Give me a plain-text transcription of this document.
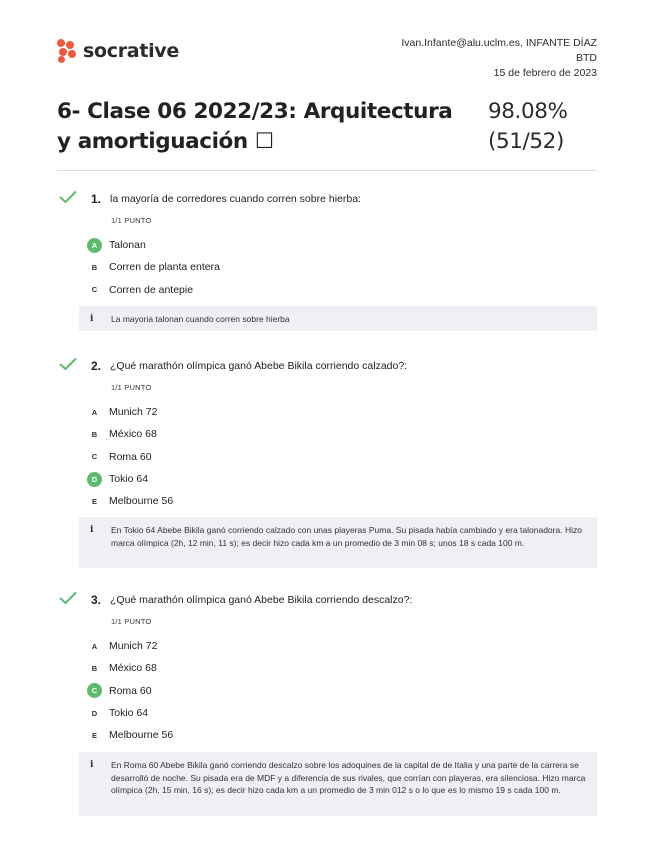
socrative	Ivan.Infante@alu.uclm.es, INFANTE DÍAZ
BTD
15 de febrero de 2023
6- Clase 06 2022/23: Arquitectura y amortiguación ☐
98.08%
(51/52)
1. la mayoría de corredores cuando corren sobre hierba:
1/1 PUNTO
A	Talonan
B	Corren de planta entera
C	Corren de antepie
i La mayoria talonan cuando corren sobre hierba
2. ¿Qué marathón olímpica ganó Abebe Bikila corriendo calzado?:
1/1 PUNTO
A	Munich 72
B	México 68
C	Roma 60
D	Tokio 64
E	Melbourne 56
i En Tokio 64 Abebe Bikila ganó corriendo calzado con unas playeras Puma. Su pisada había cambiado y era talonadora. Hizo marca olímpica (2h, 12 min, 11 s); es decir hizo cada km a un promedio de 3 min 08 s; unos 18 s cada 100 m.
3. ¿Qué marathón olímpica ganó Abebe Bikila corriendo descalzo?:
1/1 PUNTO
A	Munich 72
B	México 68
C	Roma 60
D	Tokio 64
E	Melbourne 56
i En Roma 60 Abebe Bikila ganó corriendo descalzo sobre los adoquines de la capital de de Italia y una parte de la carrera se desarrolló de noche. Su pisada era de MDF y a diferencia de sus rivales, que corrían con playeras, era silenciosa. Hizo marca olímpica (2h, 15 min, 16 s); es decir hizo cada km a un promedio de 3 min 012 s o lo que es lo mismo 19 s cada 100 m.
